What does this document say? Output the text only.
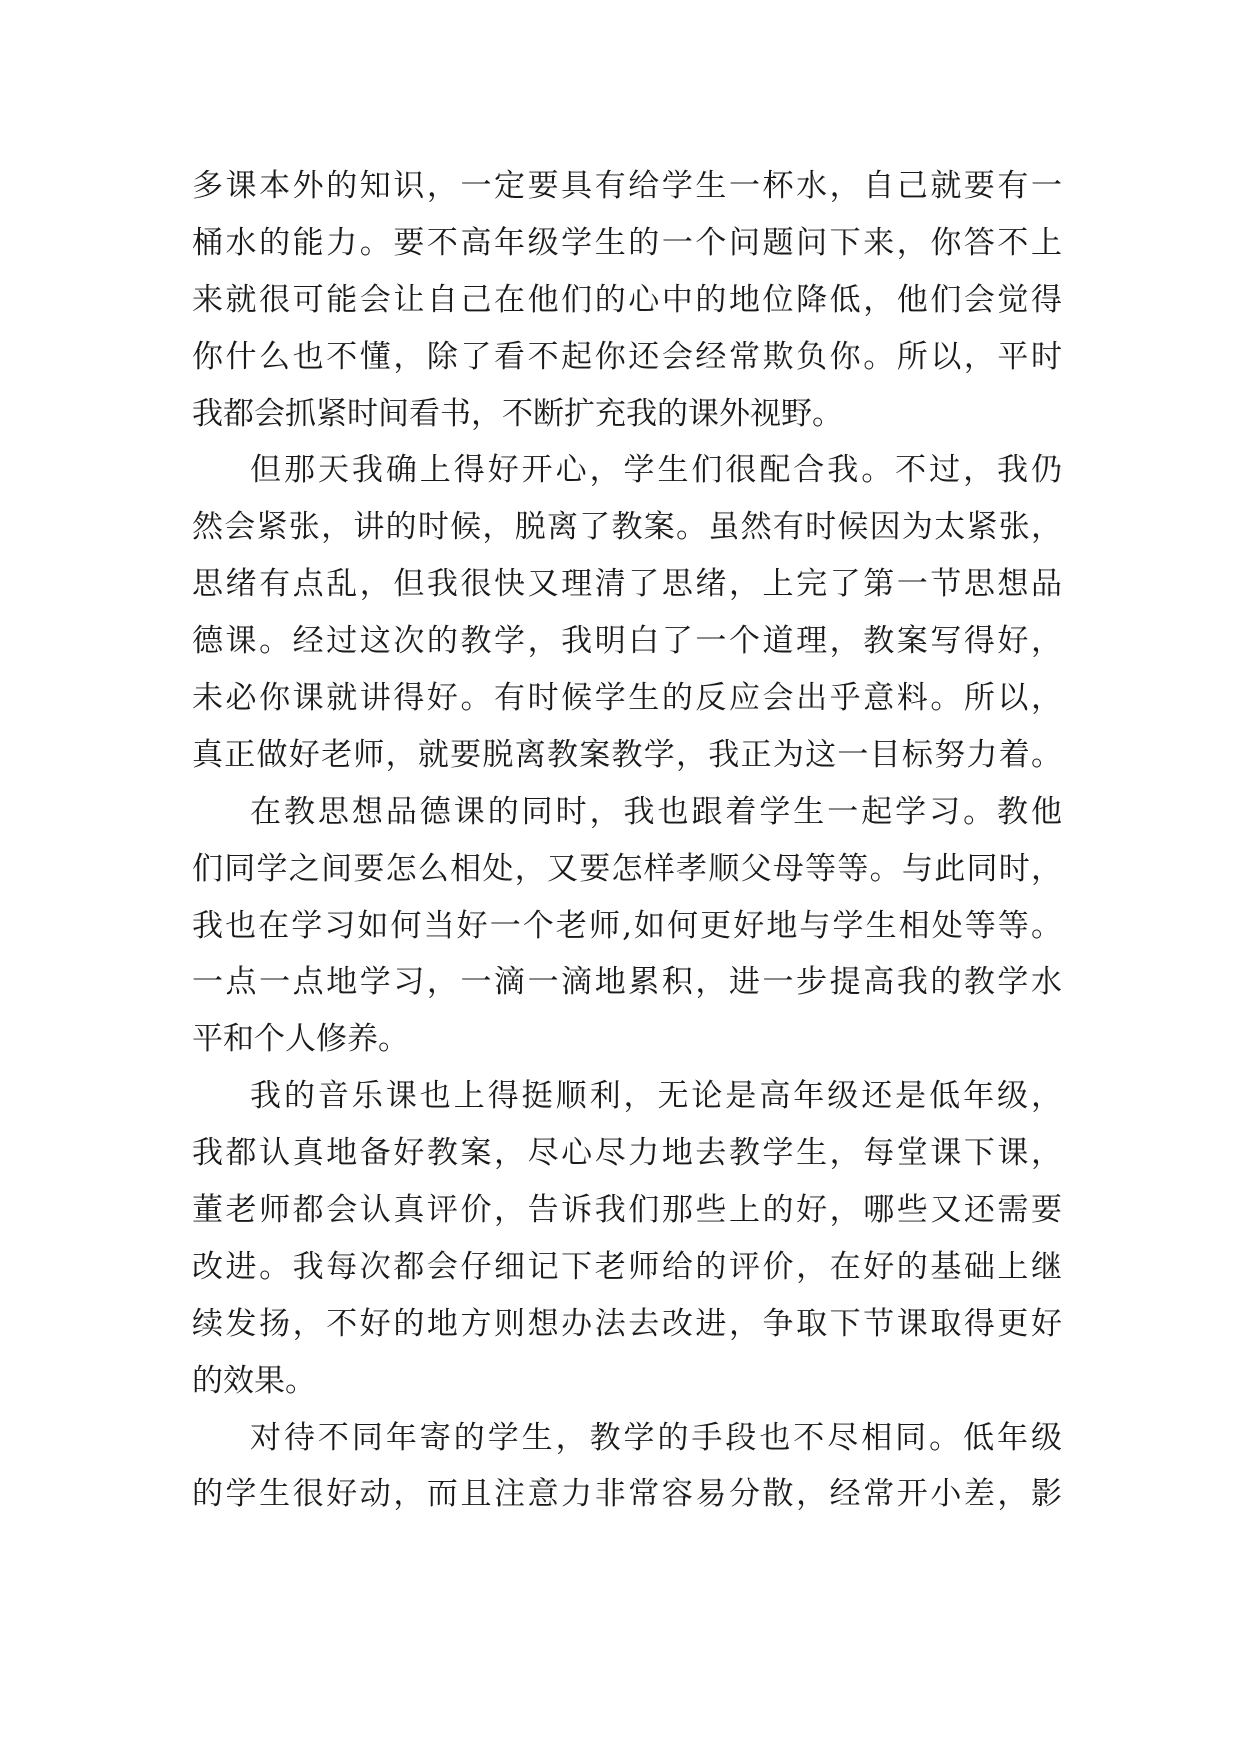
多课本外的知识，一定要具有给学生一杯水，自己就要有一
桶水的能力。要不高年级学生的一个问题问下来，你答不上
来就很可能会让自己在他们的心中的地位降低，他们会觉得
你什么也不懂，除了看不起你还会经常欺负你。所以，平时
我都会抓紧时间看书，不断扩充我的课外视野。
但那天我确上得好开心，学生们很配合我。不过，我仍
然会紧张，讲的时候，脱离了教案。虽然有时候因为太紧张，
思绪有点乱，但我很快又理清了思绪，上完了第一节思想品
德课。经过这次的教学，我明白了一个道理，教案写得好，
未必你课就讲得好。有时候学生的反应会出乎意料。所以，
真正做好老师，就要脱离教案教学，我正为这一目标努力着。
在教思想品德课的同时，我也跟着学生一起学习。教他
们同学之间要怎么相处，又要怎样孝顺父母等等。与此同时，
我也在学习如何当好一个老师,如何更好地与学生相处等等。
一点一点地学习，一滴一滴地累积，进一步提高我的教学水
平和个人修养。
我的音乐课也上得挺顺利，无论是高年级还是低年级，
我都认真地备好教案，尽心尽力地去教学生，每堂课下课，
董老师都会认真评价，告诉我们那些上的好，哪些又还需要
改进。我每次都会仔细记下老师给的评价，在好的基础上继
续发扬，不好的地方则想办法去改进，争取下节课取得更好
的效果。
对待不同年寄的学生，教学的手段也不尽相同。低年级
的学生很好动，而且注意力非常容易分散，经常开小差，影
